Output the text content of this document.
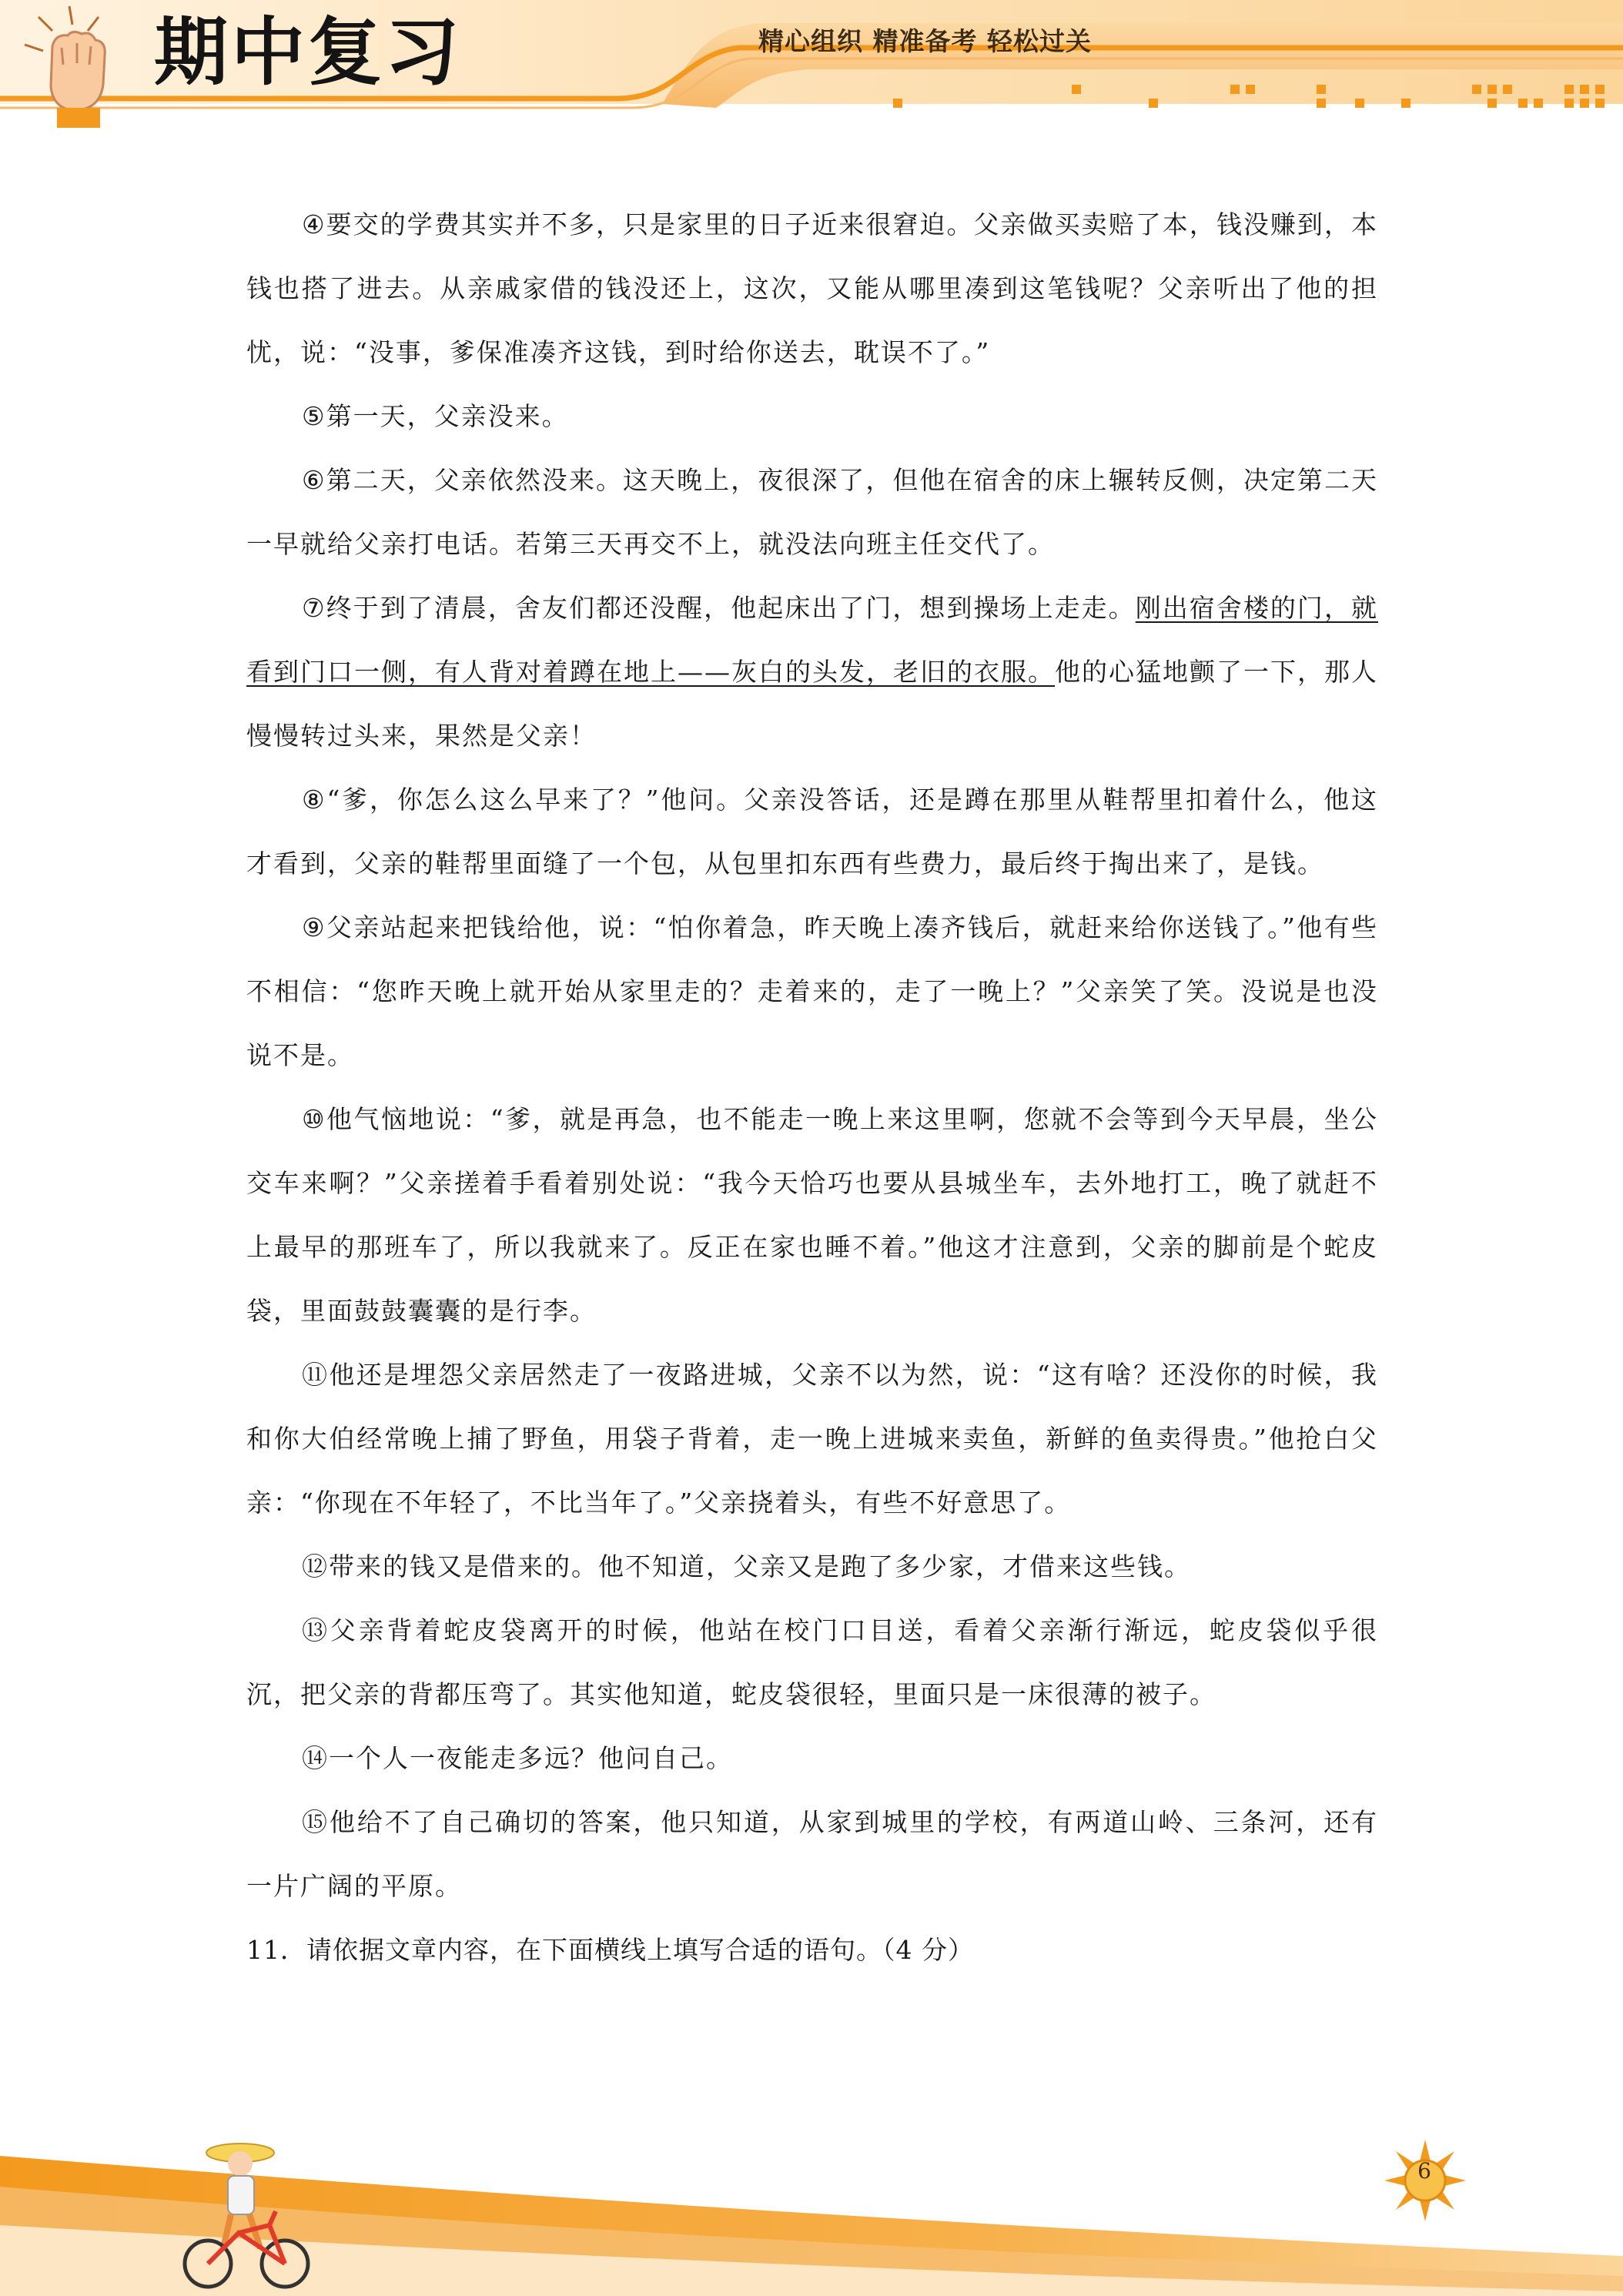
期中复习	精心组织 精准备考 轻松过关

④要交的学费其实并不多，只是家里的日子近来很窘迫。父亲做买卖赔了本，钱没赚到，本钱也搭了进去。从亲戚家借的钱没还上，这次，又能从哪里凑到这笔钱呢？父亲听出了他的担忧，说：“没事，爹保准凑齐这钱，到时给你送去，耽误不了。”

⑤第一天，父亲没来。

⑥第二天，父亲依然没来。这天晚上，夜很深了，但他在宿舍的床上辗转反侧，决定第二天一早就给父亲打电话。若第三天再交不上，就没法向班主任交代了。

⑦终于到了清晨，舍友们都还没醒，他起床出了门，想到操场上走走。刚出宿舍楼的门，就看到门口一侧，有人背对着蹲在地上——灰白的头发，老旧的衣服。他的心猛地颤了一下，那人慢慢转过头来，果然是父亲！

⑧“爹，你怎么这么早来了？”他问。父亲没答话，还是蹲在那里从鞋帮里扣着什么，他这才看到，父亲的鞋帮里面缝了一个包，从包里扣东西有些费力，最后终于掏出来了，是钱。

⑨父亲站起来把钱给他，说：“怕你着急，昨天晚上凑齐钱后，就赶来给你送钱了。”他有些不相信：“您昨天晚上就开始从家里走的？走着来的，走了一晚上？”父亲笑了笑。没说是也没说不是。

⑩他气恼地说：“爹，就是再急，也不能走一晚上来这里啊，您就不会等到今天早晨，坐公交车来啊？”父亲搓着手看着别处说：“我今天恰巧也要从县城坐车，去外地打工，晚了就赶不上最早的那班车了，所以我就来了。反正在家也睡不着。”他这才注意到，父亲的脚前是个蛇皮袋，里面鼓鼓囊囊的是行李。

⑪他还是埋怨父亲居然走了一夜路进城，父亲不以为然，说：“这有啥？还没你的时候，我和你大伯经常晚上捕了野鱼，用袋子背着，走一晚上进城来卖鱼，新鲜的鱼卖得贵。”他抢白父亲：“你现在不年轻了，不比当年了。”父亲挠着头，有些不好意思了。

⑫带来的钱又是借来的。他不知道，父亲又是跑了多少家，才借来这些钱。

⑬父亲背着蛇皮袋离开的时候，他站在校门口目送，看着父亲渐行渐远，蛇皮袋似乎很沉，把父亲的背都压弯了。其实他知道，蛇皮袋很轻，里面只是一床很薄的被子。

⑭一个人一夜能走多远？他问自己。

⑮他给不了自己确切的答案，他只知道，从家到城里的学校，有两道山岭、三条河，还有一片广阔的平原。

11．请依据文章内容，在下面横线上填写合适的语句。（4 分）

6
